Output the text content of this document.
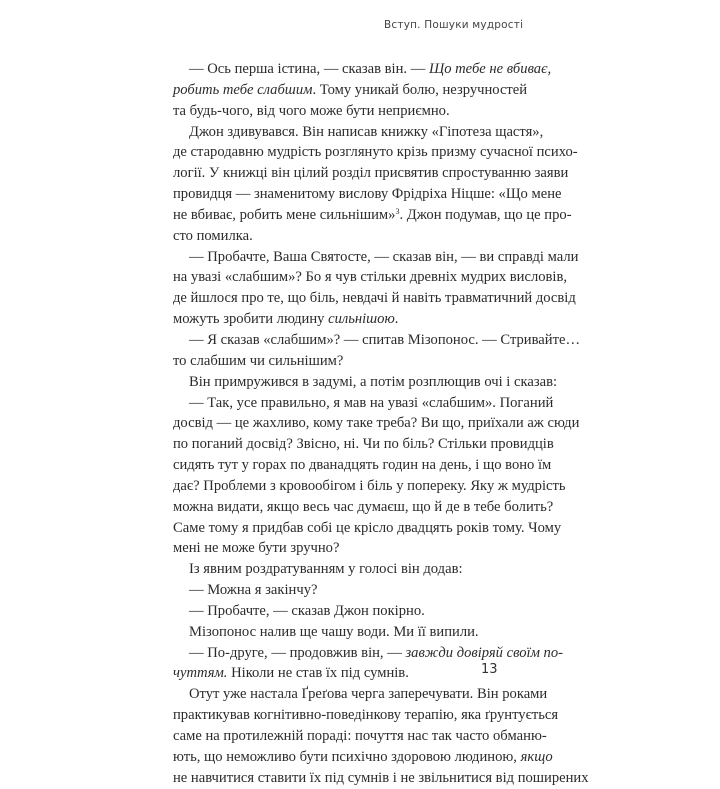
Вступ. Пошуки мудрості
— Ось перша істина, — сказав він. — Що тебе не вбиває,
робить тебе слабшим. Тому уникай болю, незручностей
та будь-чого, від чого може бути неприємно.
Джон здивувався. Він написав книжку «Гіпотеза щастя»,
де стародавню мудрість розглянуто крізь призму сучасної психо-
логії. У книжці він цілий розділ присвятив спростуванню заяви
провидця — знаменитому вислову Фрідріха Ніцше: «Що мене
не вбиває, робить мене сильнішим»$^3$. Джон подумав, що це про-
сто помилка.
— Пробачте, Ваша Святосте, — сказав він, — ви справді мали
на увазі «слабшим»? Бо я чув стільки древніх мудрих висловів,
де йшлося про те, що біль, невдачі й навіть травматичний досвід
можуть зробити людину сильнішою.
— Я сказав «слабшим»? — спитав Мізопонос. — Стривайте…
то слабшим чи сильнішим?
Він примружився в задумі, а потім розплющив очі і сказав:
— Так, усе правильно, я мав на увазі «слабшим». Поганий
досвід — це жахливо, кому таке треба? Ви що, приїхали аж сюди
по поганий досвід? Звісно, ні. Чи по біль? Стільки провидців
сидять тут у горах по дванадцять годин на день, і що воно їм
дає? Проблеми з кровообігом і біль у попереку. Яку ж мудрість
можна видати, якщо весь час думаєш, що й де в тебе болить?
Саме тому я придбав собі це крісло двадцять років тому. Чому
мені не може бути зручно?
Із явним роздратуванням у голосі він додав:
— Можна я закінчу?
— Пробачте, — сказав Джон покірно.
Мізопонос налив ще чашу води. Ми її випили.
— По-друге, — продовжив він, — завжди довіряй своїм по-
чуттям. Ніколи не став їх під сумнів.
Отут уже настала Ґреґова черга заперечувати. Він роками
практикував когнітивно-поведінкову терапію, яка ґрунтується
саме на протилежній пораді: почуття нас так часто обманю-
ють, що неможливо бути психічно здоровою людиною, якщо
не навчитися ставити їх під сумнів і не звільнитися від поширених
13
